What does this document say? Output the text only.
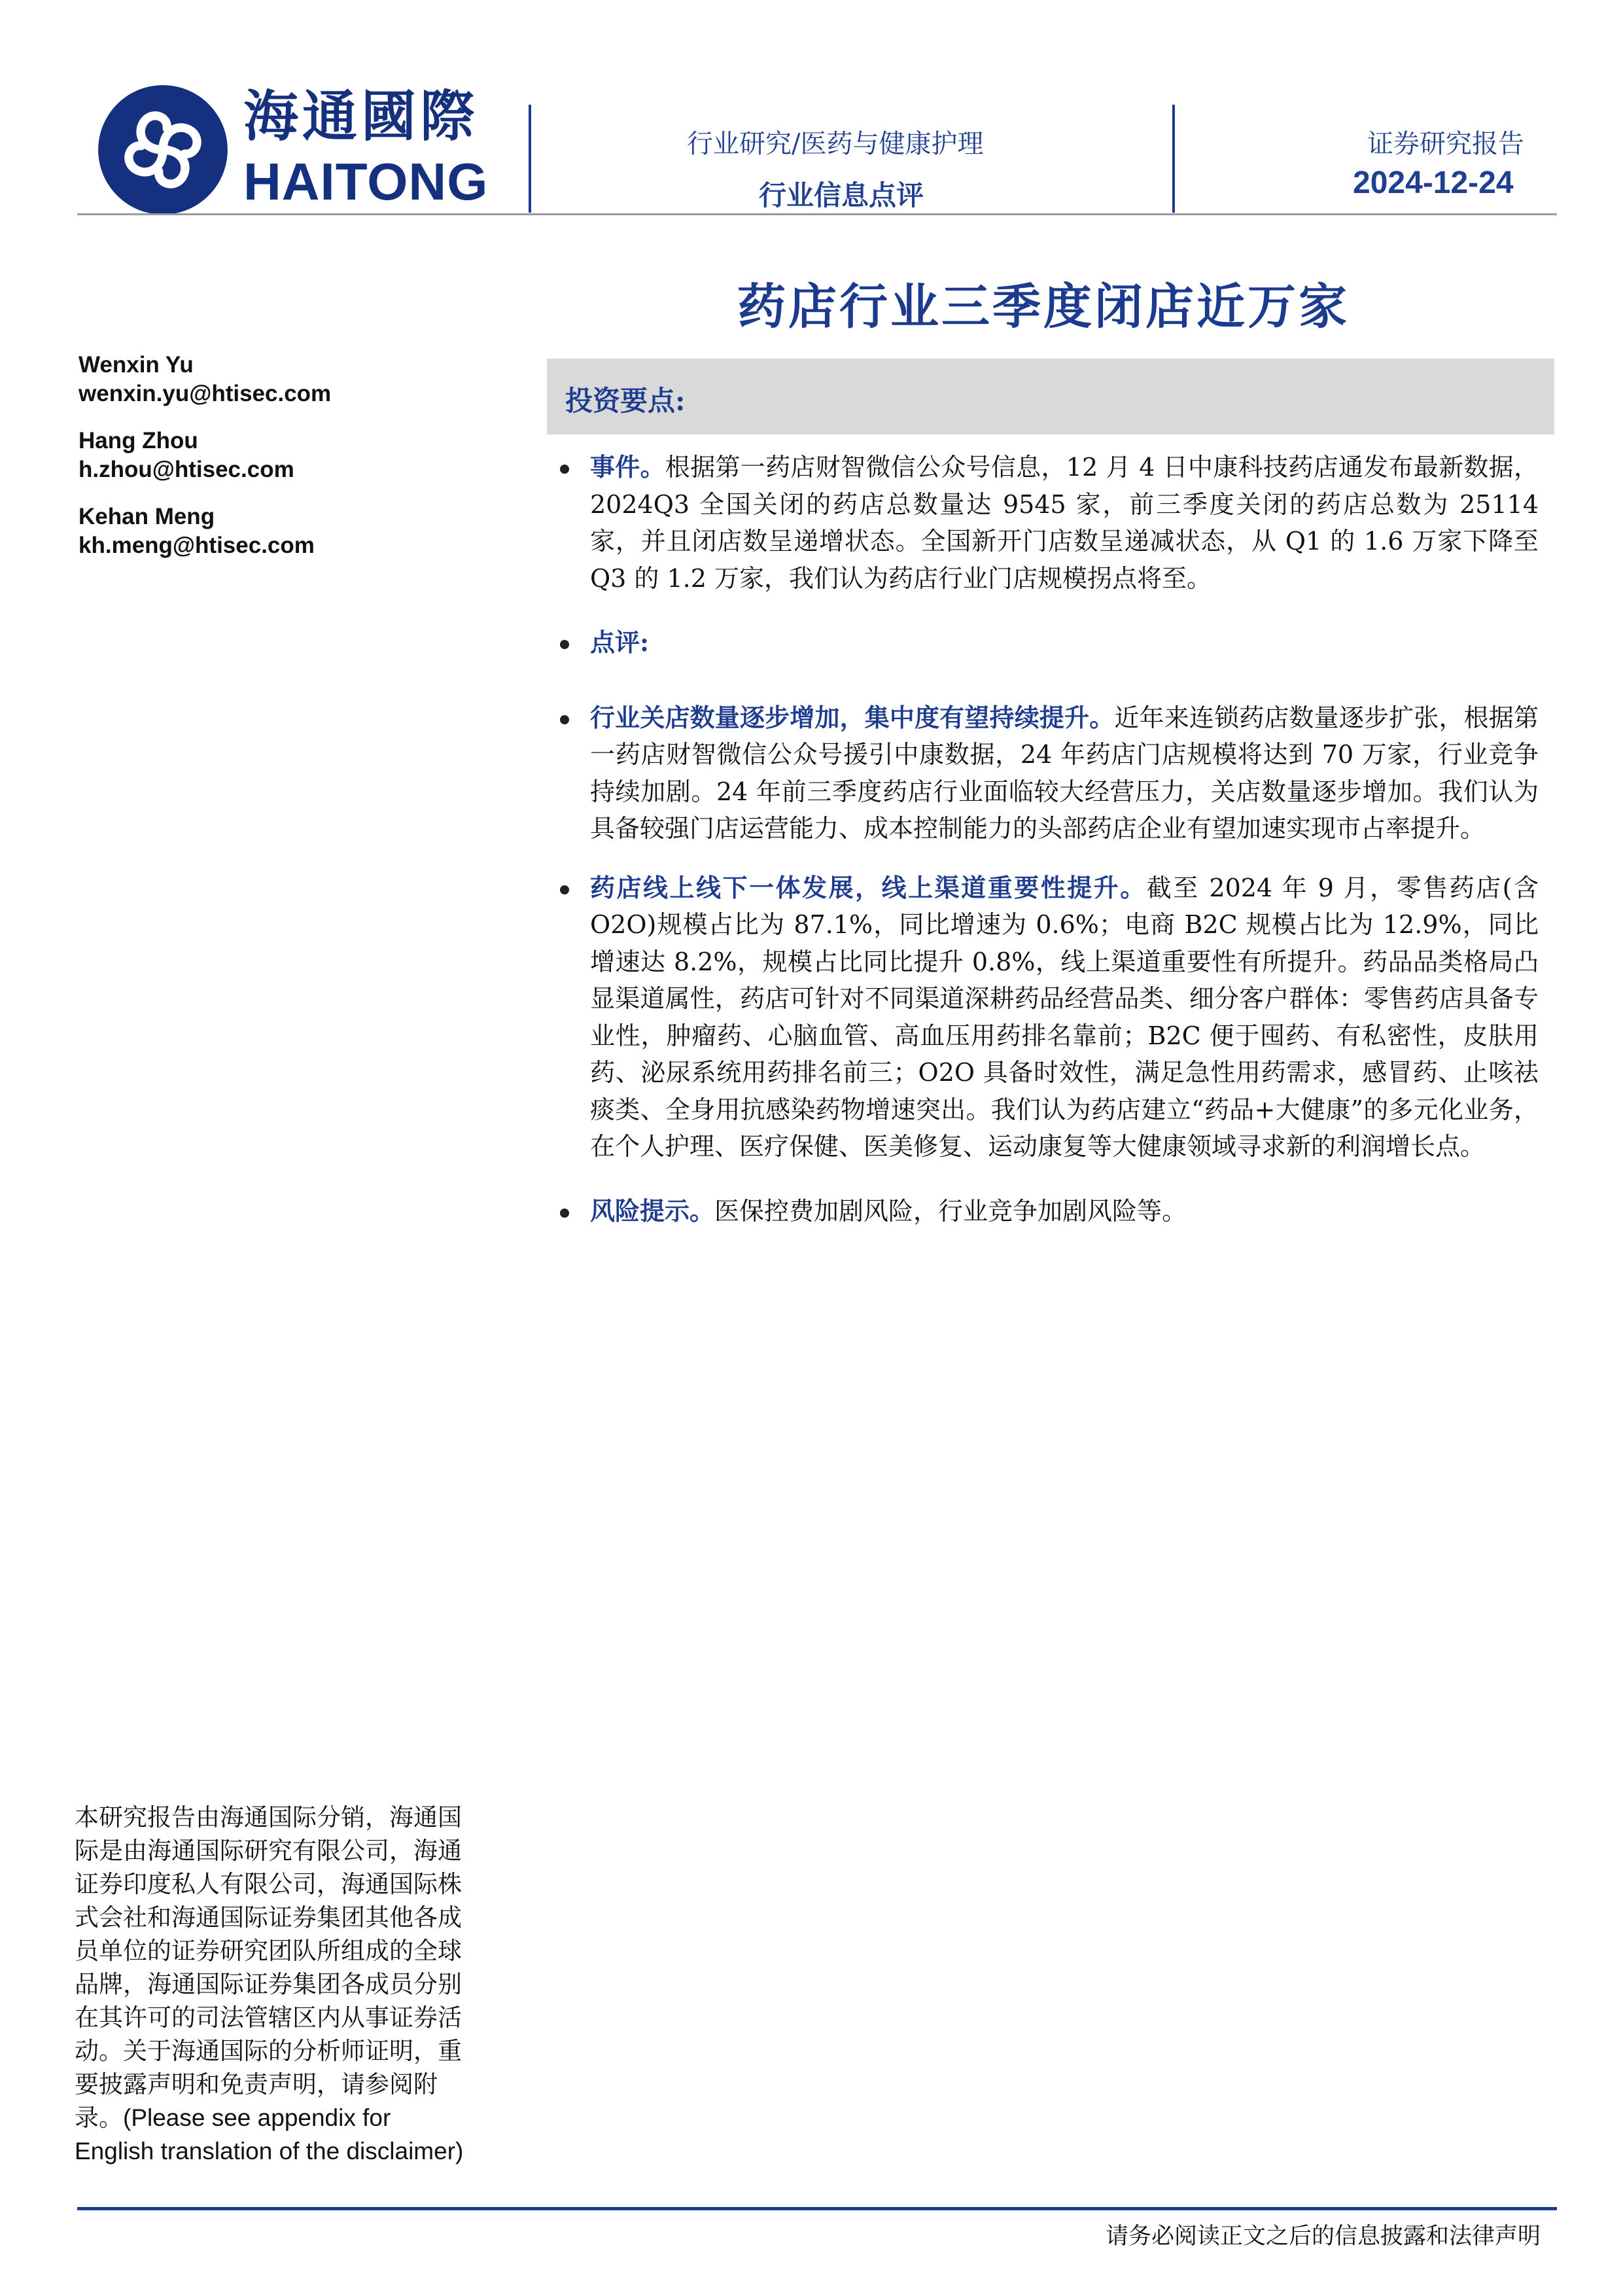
海通國際
HAITONG
行业研究/医药与健康护理
行业信息点评
证券研究报告
2024-12-24
药店行业三季度闭店近万家
Wenxin Yu
wenxin.yu@htisec.com
Hang Zhou
h.zhou@htisec.com
Kehan Meng
kh.meng@htisec.com
投资要点:
事件。根据第一药店财智微信公众号信息，12 月 4 日中康科技药店通发布最新数据，2024Q3 全国关闭的药店总数量达 9545 家，前三季度关闭的药店总数为 25114 家，并且闭店数呈递增状态。全国新开门店数呈递减状态，从 Q1 的 1.6 万家下降至 Q3 的 1.2 万家，我们认为药店行业门店规模拐点将至。
点评:
行业关店数量逐步增加，集中度有望持续提升。近年来连锁药店数量逐步扩张，根据第一药店财智微信公众号援引中康数据，24 年药店门店规模将达到 70 万家，行业竞争持续加剧。24 年前三季度药店行业面临较大经营压力，关店数量逐步增加。我们认为具备较强门店运营能力、成本控制能力的头部药店企业有望加速实现市占率提升。
药店线上线下一体发展，线上渠道重要性提升。截至 2024 年 9 月，零售药店(含 O2O)规模占比为 87.1%，同比增速为 0.6%；电商 B2C 规模占比为 12.9%，同比增速达 8.2%，规模占比同比提升 0.8%，线上渠道重要性有所提升。药品品类格局凸显渠道属性，药店可针对不同渠道深耕药品经营品类、细分客户群体：零售药店具备专业性，肿瘤药、心脑血管、高血压用药排名靠前；B2C 便于囤药、有私密性，皮肤用药、泌尿系统用药排名前三；O2O 具备时效性，满足急性用药需求，感冒药、止咳祛痰类、全身用抗感染药物增速突出。我们认为药店建立“药品+大健康”的多元化业务，在个人护理、医疗保健、医美修复、运动康复等大健康领域寻求新的利润增长点。
风险提示。医保控费加剧风险，行业竞争加剧风险等。
本研究报告由海通国际分销，海通国际是由海通国际研究有限公司，海通证券印度私人有限公司，海通国际株式会社和海通国际证券集团其他各成员单位的证券研究团队所组成的全球品牌，海通国际证券集团各成员分别在其许可的司法管辖区内从事证券活动。关于海通国际的分析师证明，重要披露声明和免责声明，请参阅附录。(Please see appendix for English translation of the disclaimer)
请务必阅读正文之后的信息披露和法律声明
